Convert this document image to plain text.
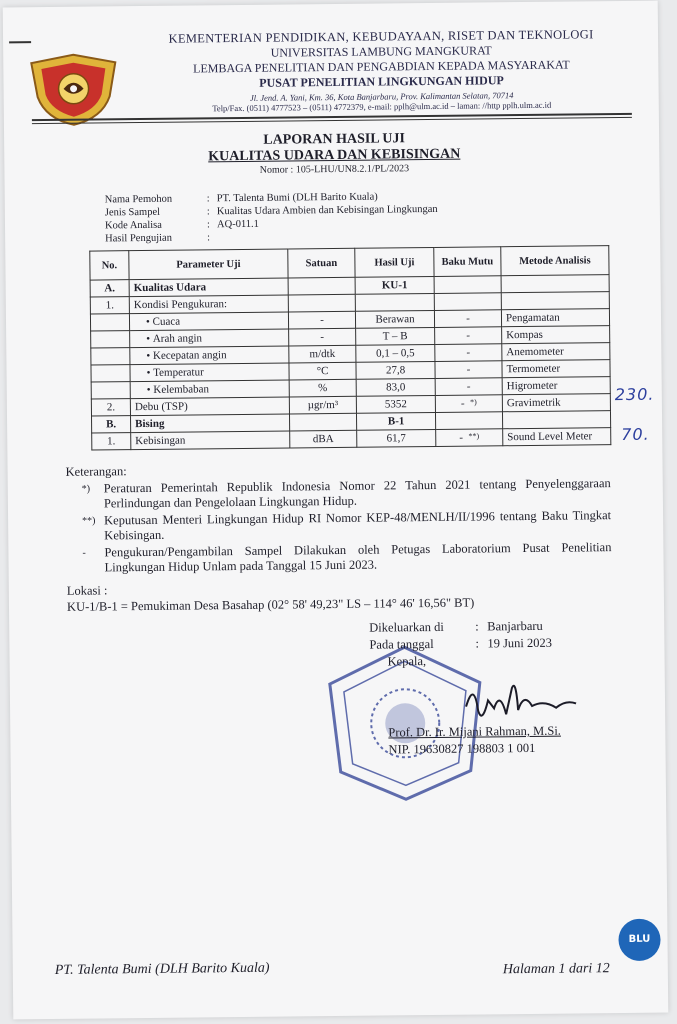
KEMENTERIAN PENDIDIKAN, KEBUDAYAAN, RISET DAN TEKNOLOGI
UNIVERSITAS LAMBUNG MANGKURAT
LEMBAGA PENELITIAN DAN PENGABDIAN KEPADA MASYARAKAT
PUSAT PENELITIAN LINGKUNGAN HIDUP
Jl. Jend. A. Yani, Km. 36, Kota Banjarbaru, Prov. Kalimantan Selatan, 70714
Telp/Fax. (0511) 4777523 – (0511) 4772379, e-mail: pplh@ulm.ac.id – laman: //http pplh.ulm.ac.id
LAPORAN HASIL UJI
KUALITAS UDARA DAN KEBISINGAN
Nomor : 105-LHU/UN8.2.1/PL/2023
Nama Pemohon	: PT. Talenta Bumi (DLH Barito Kuala)
Jenis Sampel	: Kualitas Udara Ambien dan Kebisingan Lingkungan
Kode Analisa	: AQ-011.1
Hasil Pengujian	:
No.	Parameter Uji	Satuan	Hasil Uji	Baku Mutu	Metode Analisis
A.	Kualitas Udara		KU-1		
1.	Kondisi Pengukuran:				
	• Cuaca	-	Berawan	-	Pengamatan
	• Arah angin	-	T – B	-	Kompas
	• Kecepatan angin	m/dtk	0,1 – 0,5	-	Anemometer
	• Temperatur	°C	27,8	-	Termometer
	• Kelembaban	%	83,0	-	Higrometer
2.	Debu (TSP)	µgr/m³	5352	- *)	Gravimetrik
B.	Bising		B-1		
1.	Kebisingan	dBA	61,7	- **)	Sound Level Meter
230.
70.
Keterangan:
*)	Peraturan Pemerintah Republik Indonesia Nomor 22 Tahun 2021 tentang Penyelenggaraan Perlindungan dan Pengelolaan Lingkungan Hidup.
**) Keputusan Menteri Lingkungan Hidup RI Nomor KEP-48/MENLH/II/1996 tentang Baku Tingkat Kebisingan.
-	Pengukuran/Pengambilan Sampel Dilakukan oleh Petugas Laboratorium Pusat Penelitian Lingkungan Hidup Unlam pada Tanggal 15 Juni 2023.
Lokasi :
KU-1/B-1 = Pemukiman Desa Basahap (02° 58' 49,23" LS – 114° 46' 16,56" BT)
Dikeluarkan di	: Banjarbaru
Pada tanggal	: 19 Juni 2023
Kepala,
Prof. Dr. Ir. Mijani Rahman, M.Si.
NIP. 19630827 198803 1 001
BLU
PT. Talenta Bumi (DLH Barito Kuala)	Halaman 1 dari 12
